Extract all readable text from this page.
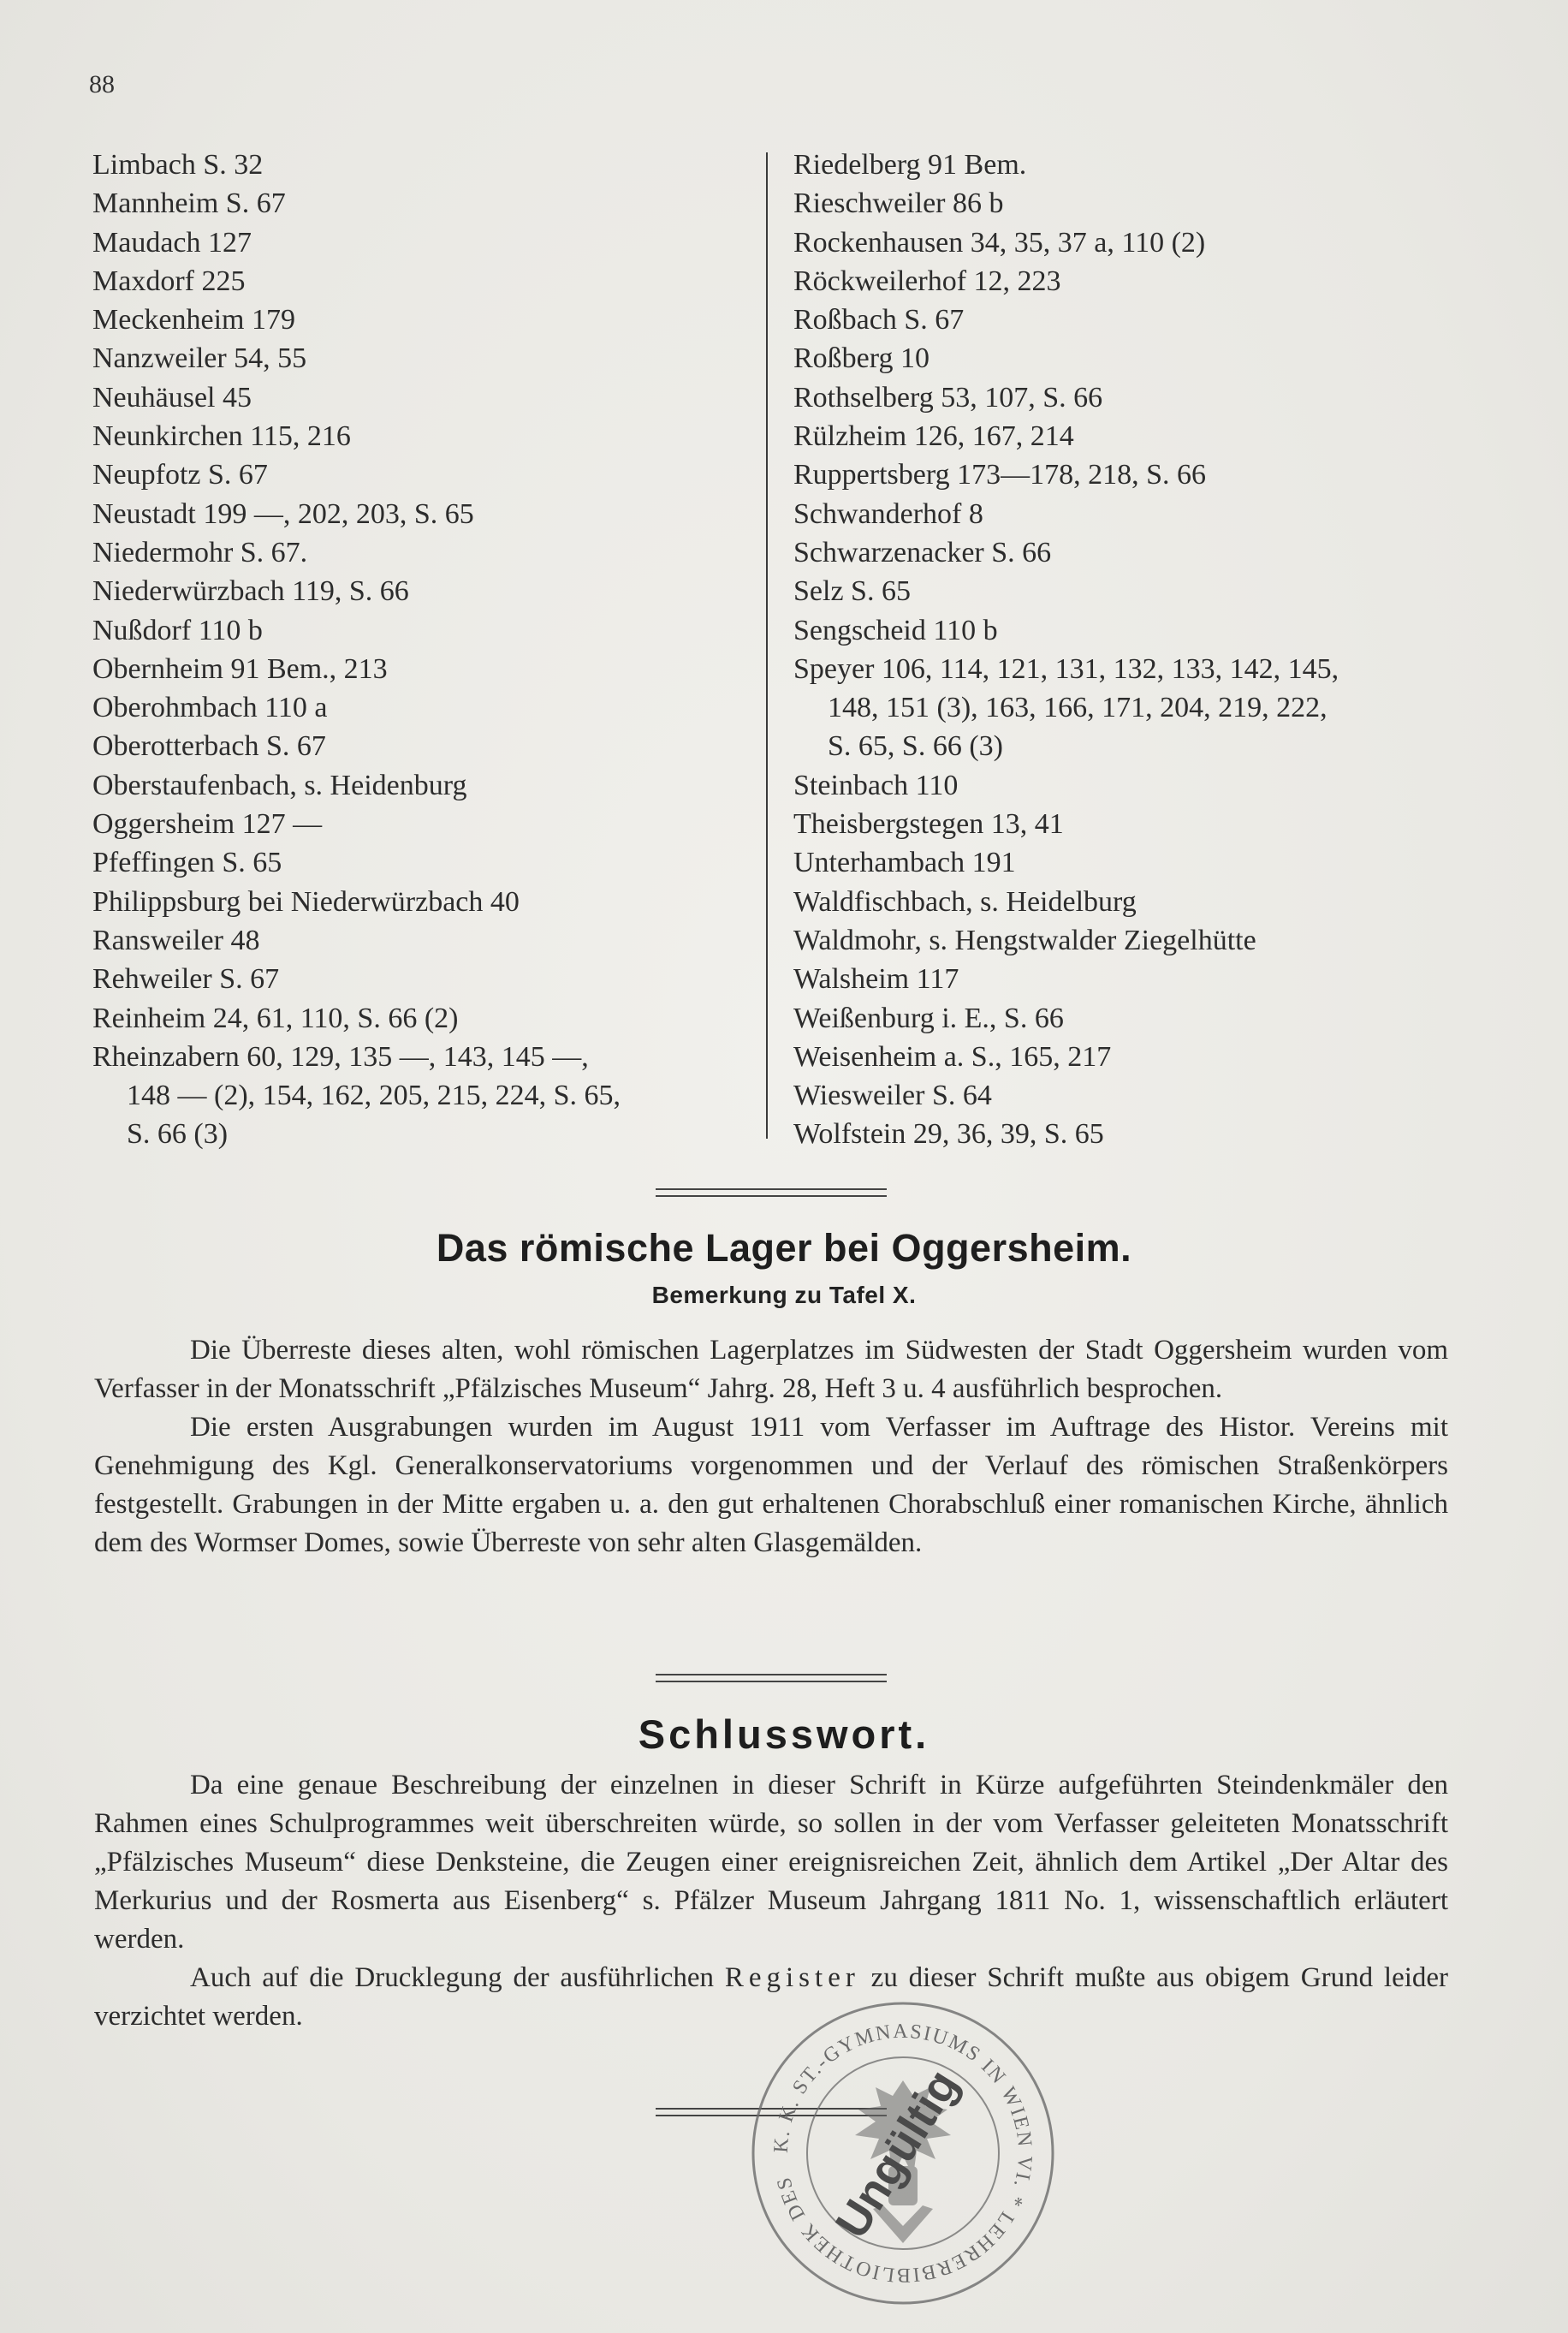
88
Limbach S. 32
Mannheim S. 67
Maudach 127
Maxdorf 225
Meckenheim 179
Nanzweiler 54, 55
Neuhäusel 45
Neunkirchen 115, 216
Neupfotz S. 67
Neustadt 199 —, 202, 203, S. 65
Niedermohr S. 67.
Niederwürzbach 119, S. 66
Nußdorf 110 b
Obernheim 91 Bem., 213
Oberohmbach 110 a
Oberotterbach S. 67
Oberstaufenbach, s. Heidenburg
Oggersheim 127 —
Pfeffingen S. 65
Philippsburg bei Niederwürzbach 40
Ransweiler 48
Rehweiler S. 67
Reinheim 24, 61, 110, S. 66 (2)
Rheinzabern 60, 129, 135 —, 143, 145 —,
148 — (2), 154, 162, 205, 215, 224, S. 65,
S. 66 (3)
Riedelberg 91 Bem.
Rieschweiler 86 b
Rockenhausen 34, 35, 37 a, 110 (2)
Röckweilerhof 12, 223
Roßbach S. 67
Roßberg 10
Rothselberg 53, 107, S. 66
Rülzheim 126, 167, 214
Ruppertsberg 173—178, 218, S. 66
Schwanderhof 8
Schwarzenacker S. 66
Selz S. 65
Sengscheid 110 b
Speyer 106, 114, 121, 131, 132, 133, 142, 145,
148, 151 (3), 163, 166, 171, 204, 219, 222,
S. 65, S. 66 (3)
Steinbach 110
Theisbergstegen 13, 41
Unterhambach 191
Waldfischbach, s. Heidelburg
Waldmohr, s. Hengstwalder Ziegelhütte
Walsheim 117
Weißenburg i. E., S. 66
Weisenheim a. S., 165, 217
Wiesweiler S. 64
Wolfstein 29, 36, 39, S. 65
Das römische Lager bei Oggersheim.
Bemerkung zu Tafel X.

Die Überreste dieses alten, wohl römischen Lagerplatzes im Südwesten der Stadt Oggersheim wurden vom Verfasser in der Monatsschrift „Pfälzisches Museum“ Jahrg. 28, Heft 3 u. 4 ausführlich besprochen.

Die ersten Ausgrabungen wurden im August 1911 vom Verfasser im Auftrage des Histor. Vereins mit Genehmigung des Kgl. Generalkonservatoriums vorgenommen und der Verlauf des römischen Straßenkörpers festgestellt. Grabungen in der Mitte ergaben u. a. den gut erhaltenen Chorabschluß einer romanischen Kirche, ähnlich dem des Wormser Domes, sowie Überreste von sehr alten Glasgemälden.

Schlusswort.

Da eine genaue Beschreibung der einzelnen in dieser Schrift in Kürze aufgeführten Steindenkmäler den Rahmen eines Schulprogrammes weit überschreiten würde, so sollen in der vom Verfasser geleiteten Monatsschrift „Pfälzisches Museum“ diese Denksteine, die Zeugen einer ereignisreichen Zeit, ähnlich dem Artikel „Der Altar des Merkurius und der Rosmerta aus Eisenberg“ s. Pfälzer Museum Jahrgang 1811 No. 1, wissenschaftlich erläutert werden.

Auch auf die Drucklegung der ausführlichen Register zu dieser Schrift mußte aus obigem Grund leider verzichtet werden.

K. K. ST.-GYMNASIUMS IN WIEN VI. * LEHRERBIBLIOTHEK DES Ungültig
